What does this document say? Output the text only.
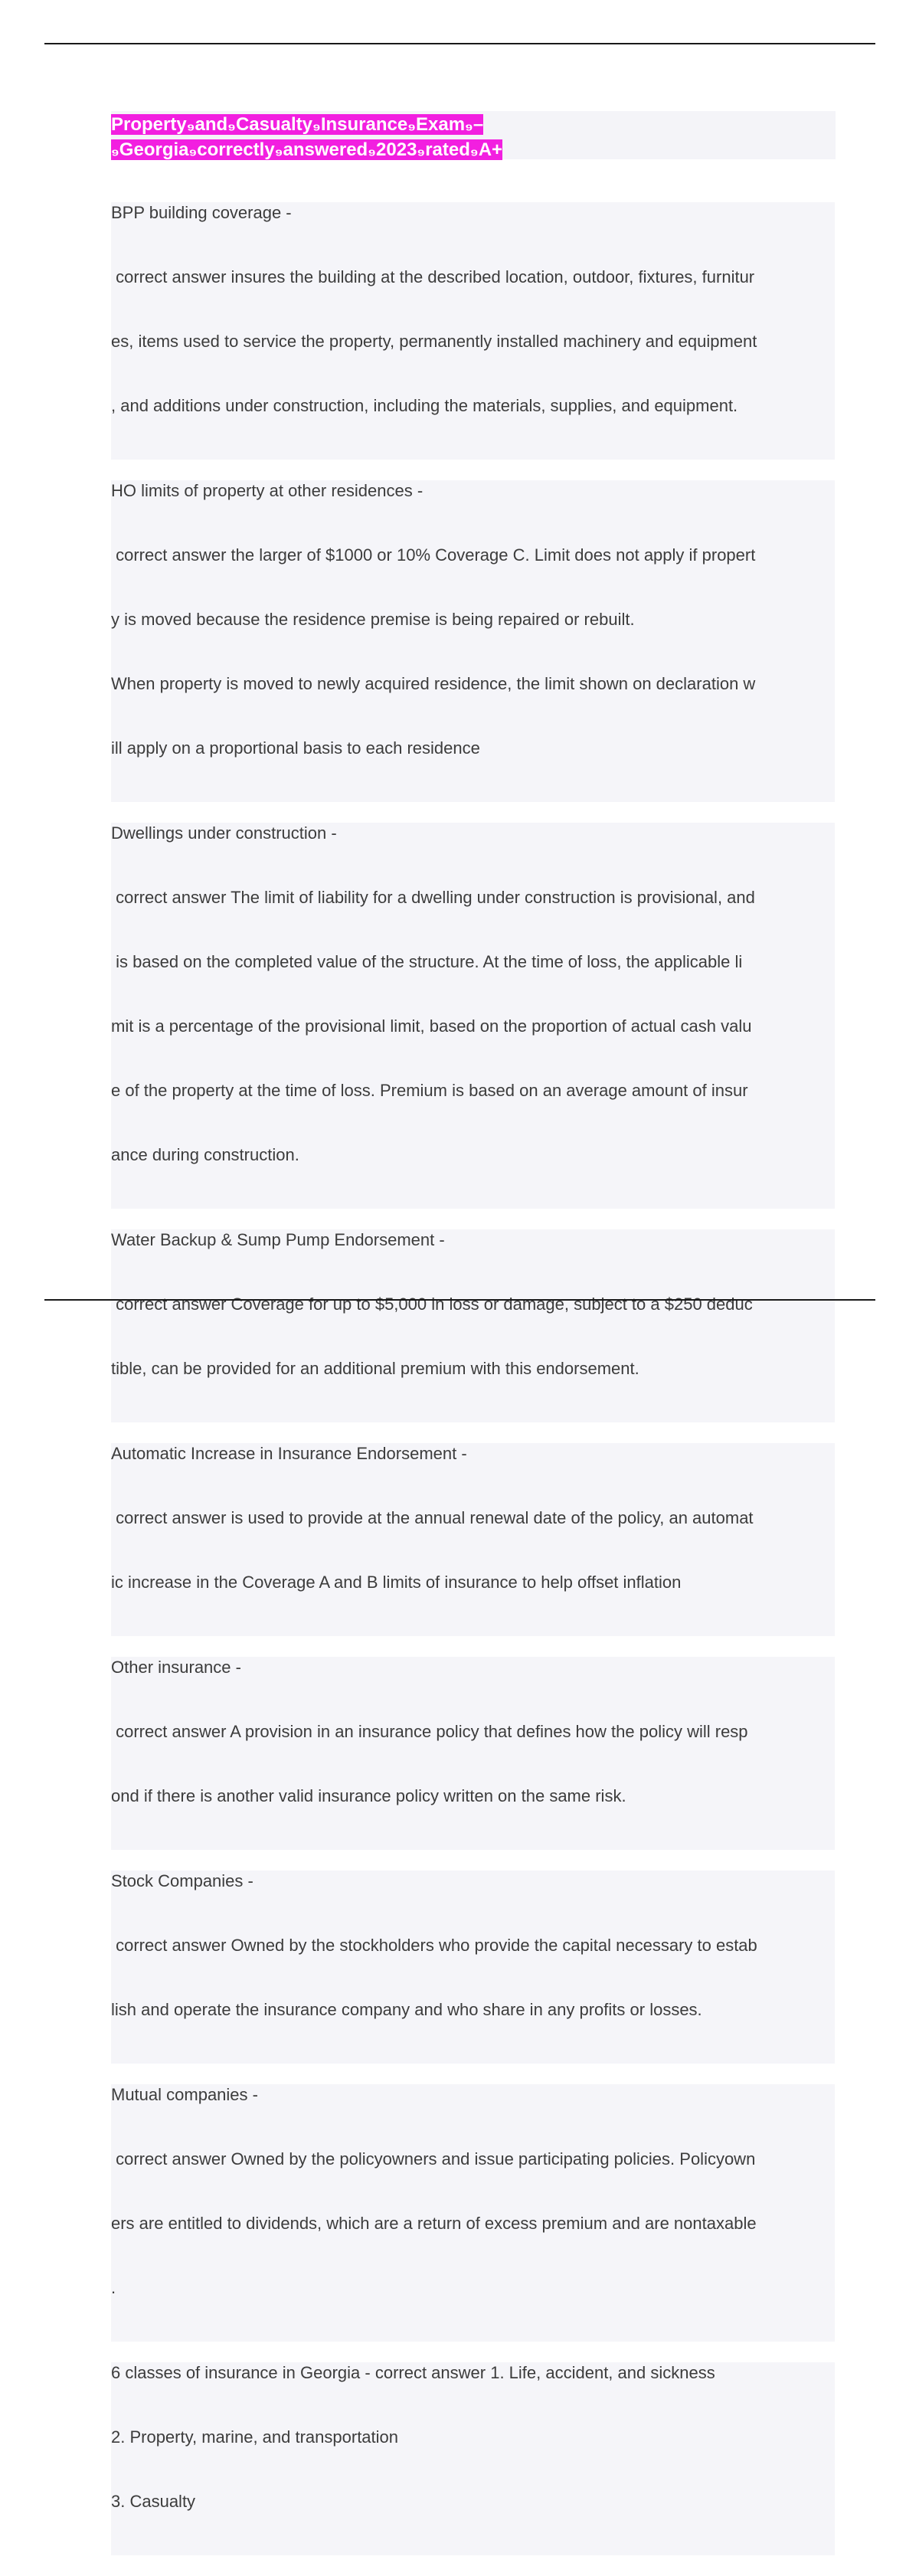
Property₉and₉Casualty₉Insurance₉Exam₉–
₉Georgia₉correctly₉answered₉2023₉rated₉A+
BPP building coverage -

correct answer insures the building at the described location, outdoor, fixtures, furnitur

es, items used to service the property, permanently installed machinery and equipment

, and additions under construction, including the materials, supplies, and equipment.

HO limits of property at other residences -

correct answer the larger of $1000 or 10% Coverage C. Limit does not apply if propert

y is moved because the residence premise is being repaired or rebuilt.

When property is moved to newly acquired residence, the limit shown on declaration w

ill apply on a proportional basis to each residence

Dwellings under construction -

correct answer The limit of liability for a dwelling under construction is provisional, and

is based on the completed value of the structure. At the time of loss, the applicable li

mit is a percentage of the provisional limit, based on the proportion of actual cash valu

e of the property at the time of loss. Premium is based on an average amount of insur

ance during construction.

Water Backup & Sump Pump Endorsement -

correct answer Coverage for up to $5,000 in loss or damage, subject to a $250 deduc

tible, can be provided for an additional premium with this endorsement.

Automatic Increase in Insurance Endorsement -

correct answer is used to provide at the annual renewal date of the policy, an automat

ic increase in the Coverage A and B limits of insurance to help offset inflation

Other insurance -

correct answer A provision in an insurance policy that defines how the policy will resp

ond if there is another valid insurance policy written on the same risk.

Stock Companies -

correct answer Owned by the stockholders who provide the capital necessary to estab

lish and operate the insurance company and who share in any profits or losses.

Mutual companies -

correct answer Owned by the policyowners and issue participating policies. Policyown

ers are entitled to dividends, which are a return of excess premium and are nontaxable

.

6 classes of insurance in Georgia - correct answer 1. Life, accident, and sickness

2. Property, marine, and transportation

3. Casualty
